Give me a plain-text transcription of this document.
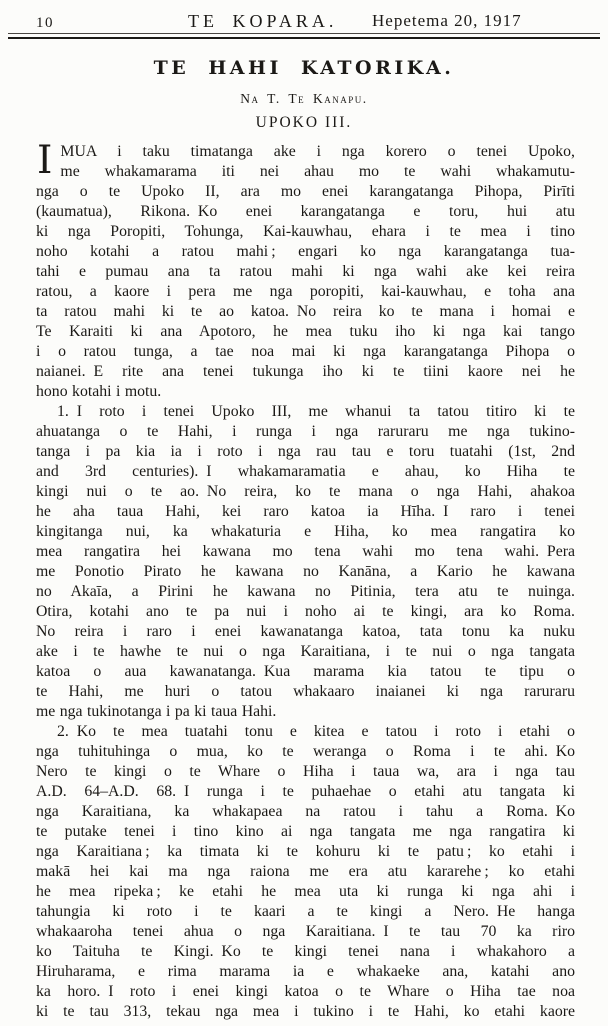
10	TE KOPARA. Hepetema 20, 1917
TE HAHI KATORIKA.
Na T. Te Kanapu.
UPOKO III.
I MUA i taku timatanga ake i nga korero o tenei Upoko,
me whakamarama iti nei ahau mo te wahi whakamutu-
nga o te Upoko II, ara mo enei karangatanga Pihopa, Pirīti
(kaumatua), Rikona. Ko enei karangatanga e toru, hui atu
ki nga Poropiti, Tohunga, Kai-kauwhau, ehara i te mea i tino
noho kotahi a ratou mahi ; engari ko nga karangatanga tua-
tahi e pumau ana ta ratou mahi ki nga wahi ake kei reira
ratou, a kaore i pera me nga poropiti, kai-kauwhau, e toha ana
ta ratou mahi ki te ao katoa. No reira ko te mana i homai e
Te Karaiti ki ana Apotoro, he mea tuku iho ki nga kai tango
i o ratou tunga, a tae noa mai ki nga karangatanga Pihopa o
naianei. E rite ana tenei tukunga iho ki te tiini kaore nei he
hono kotahi i motu.
1. I roto i tenei Upoko III, me whanui ta tatou titiro ki te
ahuatanga o te Hahi, i runga i nga raruraru me nga tukino-
tanga i pa kia ia i roto i nga rau tau e toru tuatahi (1st, 2nd
and 3rd centuries). I whakamaramatia e ahau, ko Hiha te
kingi nui o te ao. No reira, ko te mana o nga Hahi, ahakoa
he aha taua Hahi, kei raro katoa ia Hīha. I raro i tenei
kingitanga nui, ka whakaturia e Hiha, ko mea rangatira ko
mea rangatira hei kawana mo tena wahi mo tena wahi. Pera
me Ponotio Pirato he kawana no Kanāna, a Kario he kawana
no Akaīa, a Pirini he kawana no Pitinia, tera atu te nuinga.
Otira, kotahi ano te pa nui i noho ai te kingi, ara ko Roma.
No reira i raro i enei kawanatanga katoa, tata tonu ka nuku
ake i te hawhe te nui o nga Karaitiana, i te nui o nga tangata
katoa o aua kawanatanga. Kua marama kia tatou te tipu o
te Hahi, me huri o tatou whakaaro inaianei ki nga raruraru
me nga tukinotanga i pa ki taua Hahi.
2. Ko te mea tuatahi tonu e kitea e tatou i roto i etahi o
nga tuhituhinga o mua, ko te weranga o Roma i te ahi. Ko
Nero te kingi o te Whare o Hiha i taua wa, ara i nga tau
A.D. 64–A.D. 68. I runga i te puhaehae o etahi atu tangata ki
nga Karaitiana, ka whakapaea na ratou i tahu a Roma. Ko
te putake tenei i tino kino ai nga tangata me nga rangatira ki
nga Karaitiana ; ka timata ki te kohuru ki te patu ; ko etahi i
makā hei kai ma nga raiona me era atu kararehe ; ko etahi
he mea ripeka ; ke etahi he mea uta ki runga ki nga ahi i
tahungia ki roto i te kaari a te kingi a Nero. He hanga
whakaaroha tenei ahua o nga Karaitiana. I te tau 70 ka riro
ko Taituha te Kingi. Ko te kingi tenei nana i whakahoro a
Hiruharama, e rima marama ia e whakaeke ana, katahi ano
ka horo. I roto i enei kingi katoa o te Whare o Hiha tae noa
ki te tau 313, tekau nga mea i tukino i te Hahi, ko etahi kaore
